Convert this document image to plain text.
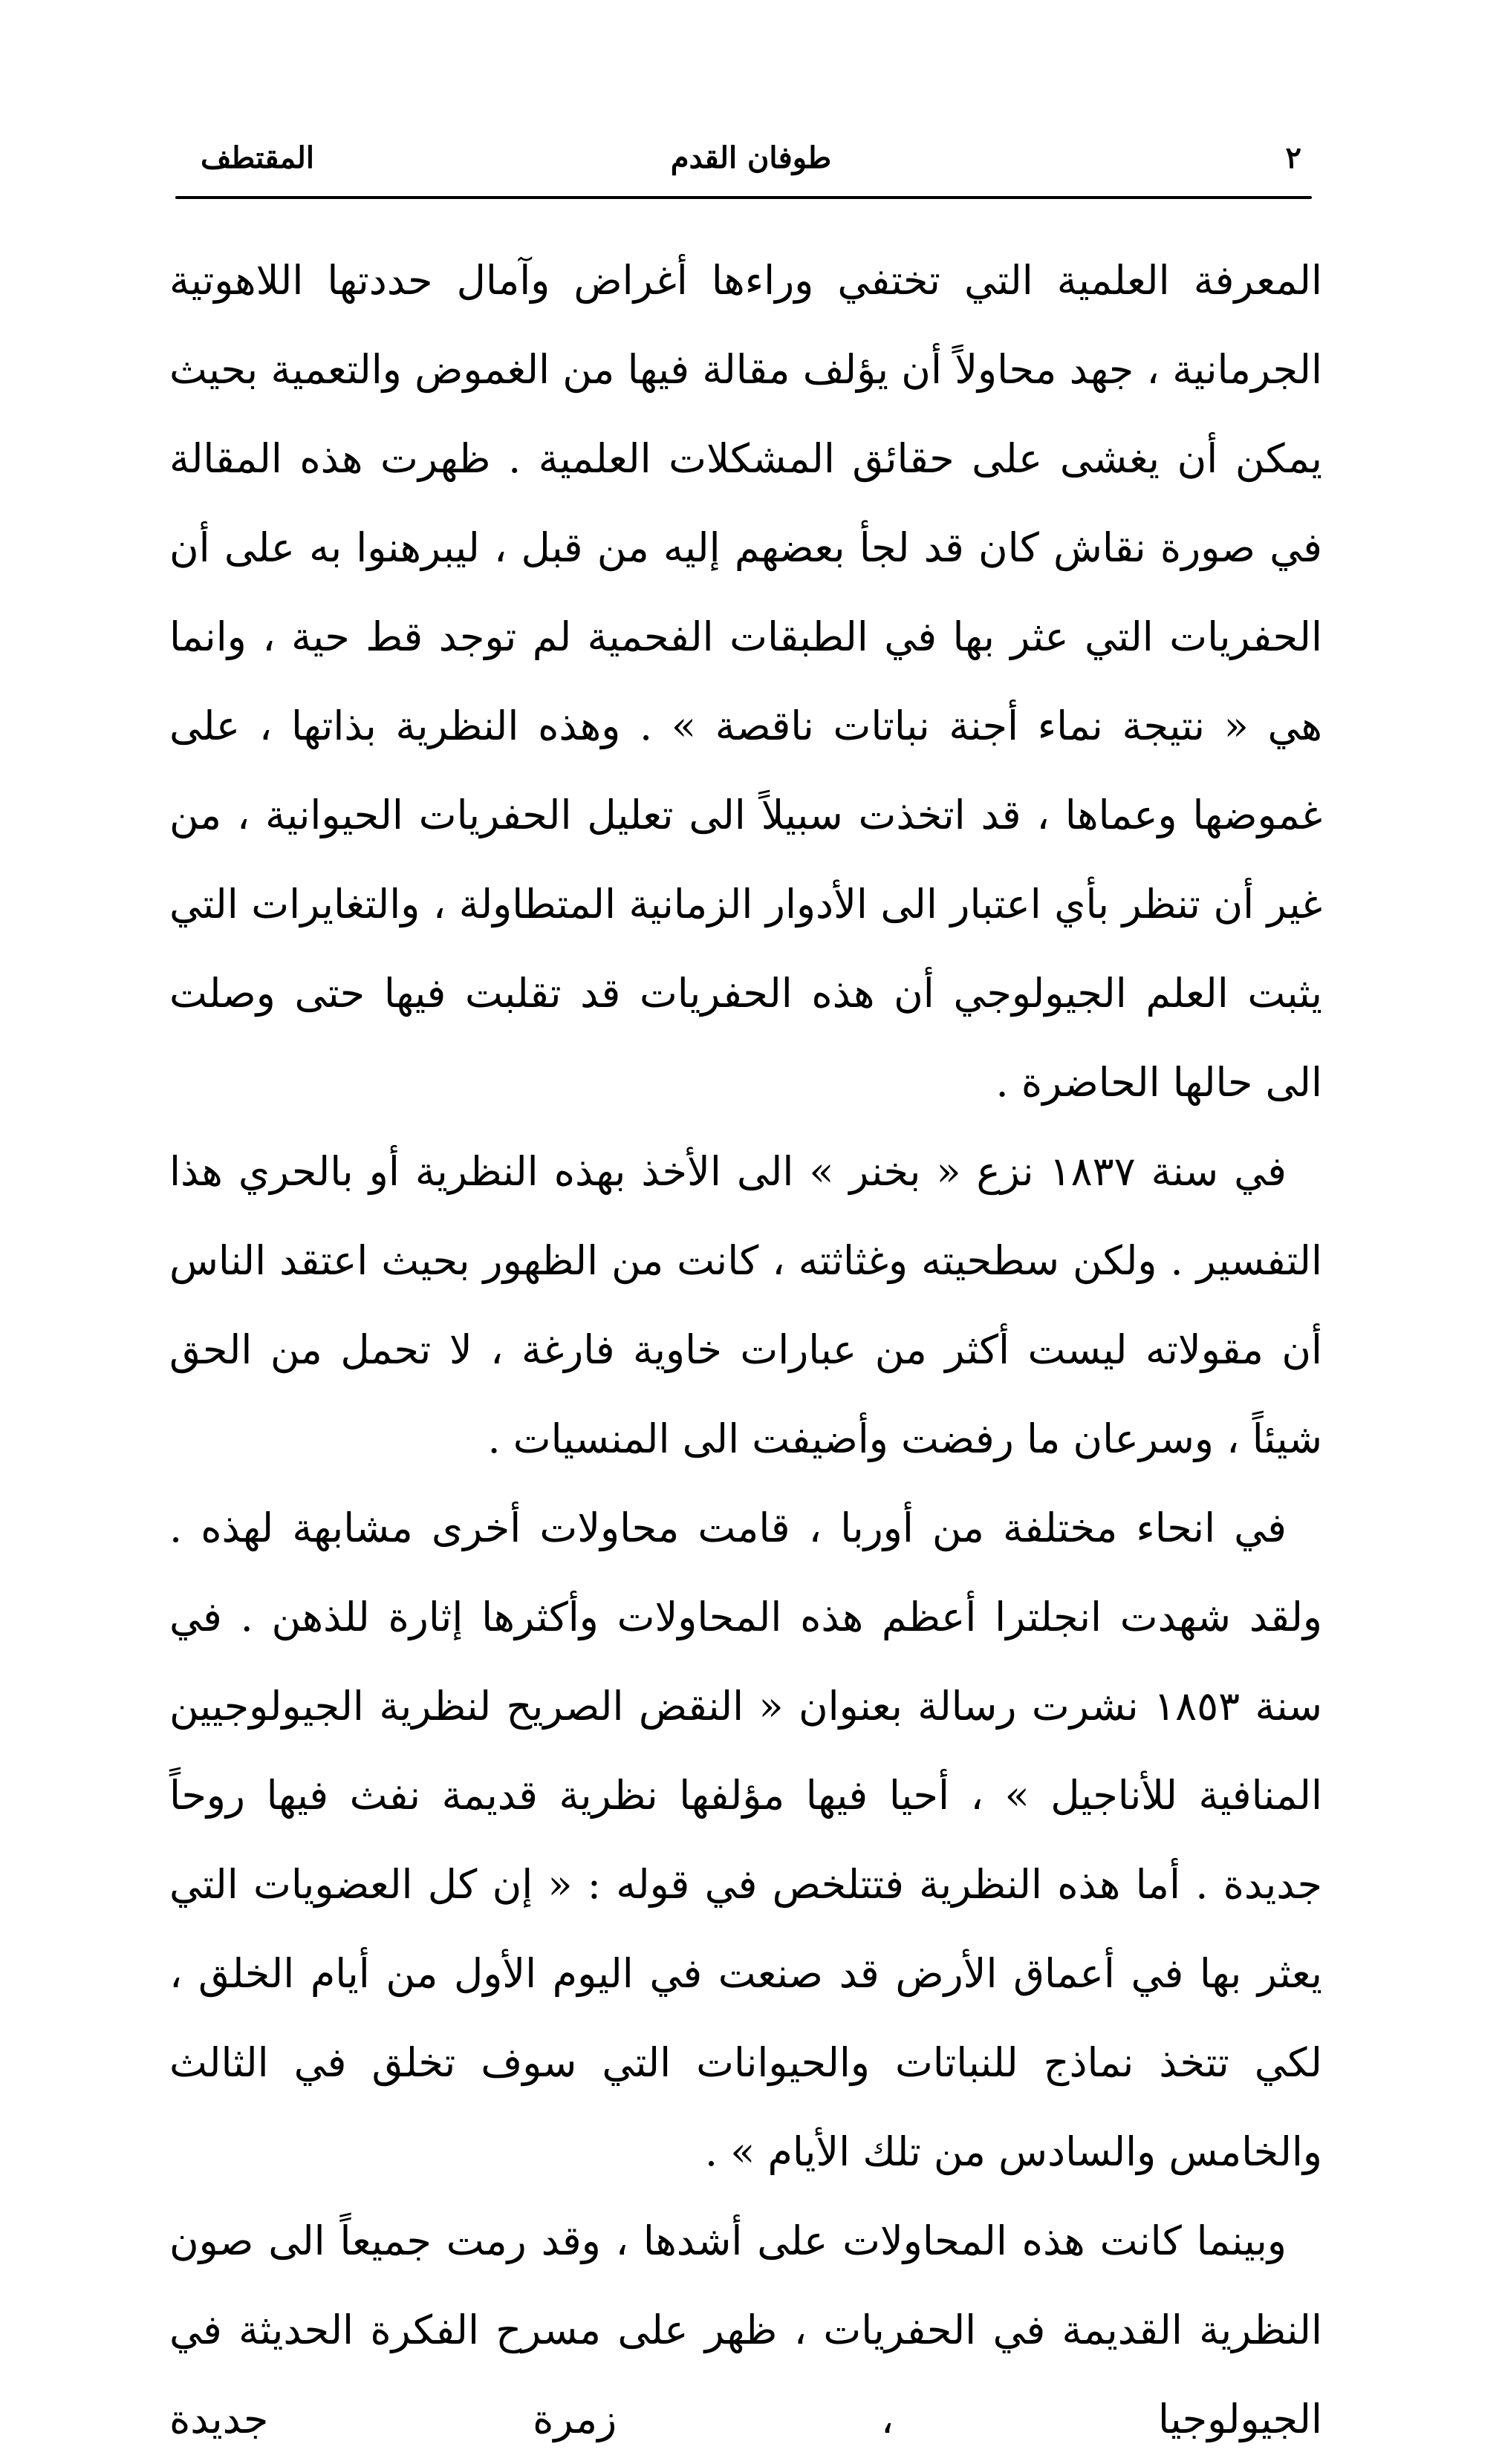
٢
طوفان القدم
المقتطف

المعرفة العلمية التي تختفي وراءها أغراض وآمال حددتها اللاهوتية الجرمانية ، جهد محاولاً أن يؤلف مقالة فيها من الغموض والتعمية بحيث يمكن أن يغشى على حقائق المشكلات العلمية . ظهرت هذه المقالة في صورة نقاش كان قد لجأ بعضهم إليه من قبل ، ليبرهنوا به على أن الحفريات التي عثر بها في الطبقات الفحمية لم توجد قط حية ، وانما هي « نتيجة نماء أجنة نباتات ناقصة » . وهذه النظرية بذاتها ، على غموضها وعماها ، قد اتخذت سبيلاً الى تعليل الحفريات الحيوانية ، من غير أن تنظر بأي اعتبار الى الأدوار الزمانية المتطاولة ، والتغايرات التي يثبت العلم الجيولوجي أن هذه الحفريات قد تقلبت فيها حتى وصلت الى حالها الحاضرة .

في سنة ١٨٣٧ نزع « بخنر » الى الأخذ بهذه النظرية أو بالحري هذا التفسير . ولكن سطحيته وغثاثته ، كانت من الظهور بحيث اعتقد الناس أن مقولاته ليست أكثر من عبارات خاوية فارغة ، لا تحمل من الحق شيئاً ، وسرعان ما رفضت وأضيفت الى المنسيات .

في انحاء مختلفة من أوربا ، قامت محاولات أخرى مشابهة لهذه . ولقد شهدت انجلترا أعظم هذه المحاولات وأكثرها إثارة للذهن . في سنة ١٨٥٣ نشرت رسالة بعنوان « النقض الصريح لنظرية الجيولوجيين المنافية للأناجيل » ، أحيا فيها مؤلفها نظرية قديمة نفث فيها روحاً جديدة . أما هذه النظرية فتتلخص في قوله : « إن كل العضويات التي يعثر بها في أعماق الأرض قد صنعت في اليوم الأول من أيام الخلق ، لكي تتخذ نماذج للنباتات والحيوانات التي سوف تخلق في الثالث والخامس والسادس من تلك الأيام » .

وبينما كانت هذه المحاولات على أشدها ، وقد رمت جميعاً الى صون النظرية القديمة في الحفريات ، ظهر على مسرح الفكرة الحديثة في الجيولوجيا ، زمرة جديدة
